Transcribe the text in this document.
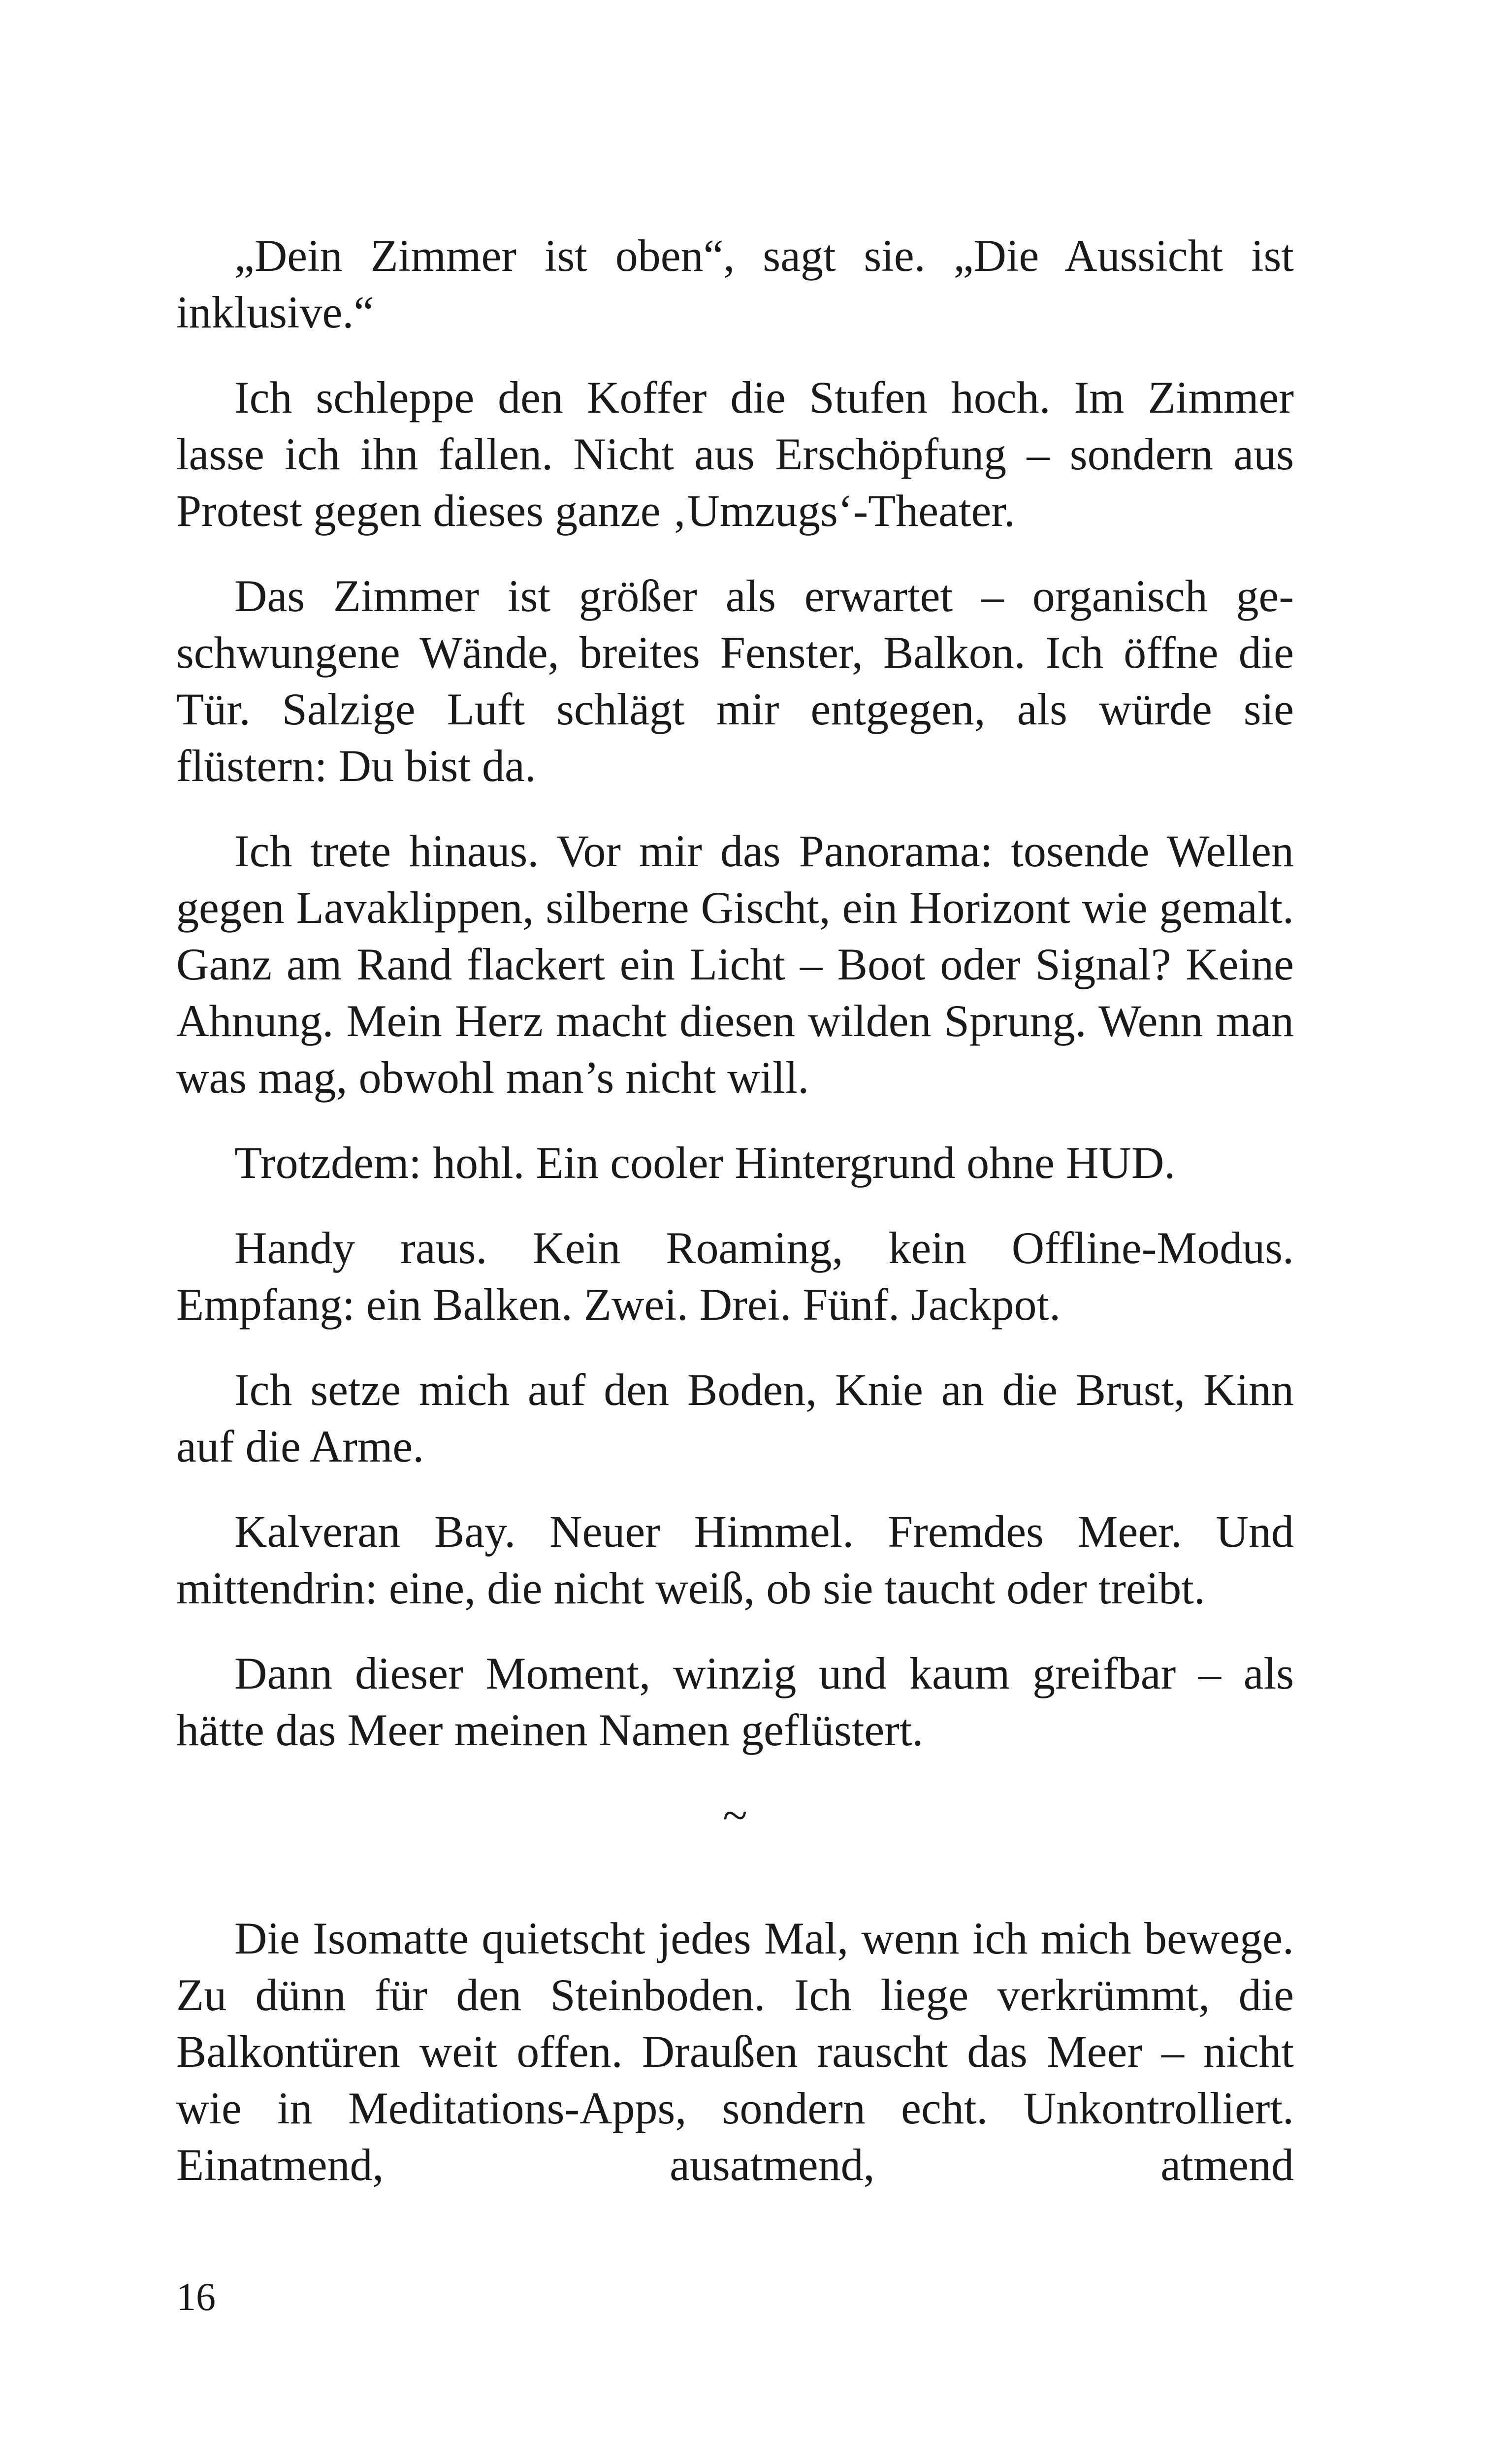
„Dein Zimmer ist oben“, sagt sie. „Die Aussicht ist inklusive.“

Ich schleppe den Koffer die Stufen hoch. Im Zimmer lasse ich ihn fallen. Nicht aus Erschöpfung – sondern aus Protest gegen dieses ganze ‚Umzugs‘-Theater.

Das Zimmer ist größer als erwartet – organisch geschwungene Wände, breites Fenster, Balkon. Ich öffne die Tür. Salzige Luft schlägt mir entgegen, als würde sie flüstern: Du bist da.

Ich trete hinaus. Vor mir das Panorama: tosende Wellen gegen Lavaklippen, silberne Gischt, ein Horizont wie gemalt. Ganz am Rand flackert ein Licht – Boot oder Signal? Keine Ahnung. Mein Herz macht diesen wilden Sprung. Wenn man was mag, obwohl man’s nicht will.

Trotzdem: hohl. Ein cooler Hintergrund ohne HUD.

Handy raus. Kein Roaming, kein Offline-Modus. Empfang: ein Balken. Zwei. Drei. Fünf. Jackpot.

Ich setze mich auf den Boden, Knie an die Brust, Kinn auf die Arme.

Kalveran Bay. Neuer Himmel. Fremdes Meer. Und mittendrin: eine, die nicht weiß, ob sie taucht oder treibt.

Dann dieser Moment, winzig und kaum greifbar – als hätte das Meer meinen Namen geflüstert.

~

Die Isomatte quietscht jedes Mal, wenn ich mich bewege. Zu dünn für den Steinboden. Ich liege verkrümmt, die Balkontüren weit offen. Draußen rauscht das Meer – nicht wie in Meditations-Apps, sondern echt. Unkontrolliert. Einatmend, ausatmend, atmend

16
